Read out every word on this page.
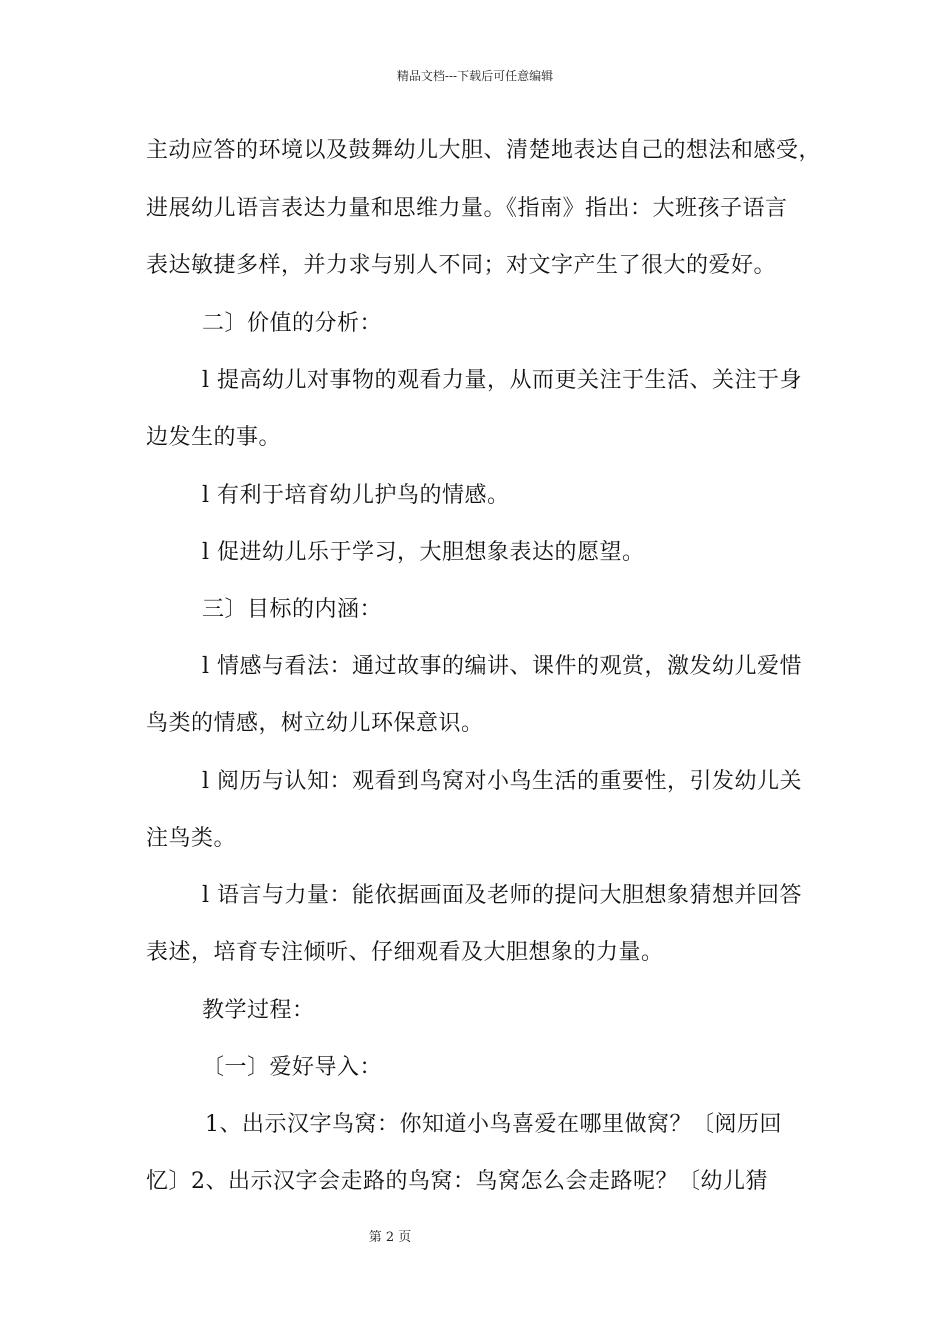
精品文档---下载后可任意编辑
主动应答的环境以及鼓舞幼儿大胆、清楚地表达自己的想法和感受，
进展幼儿语言表达力量和思维力量。《指南》指出：大班孩子语言
表达敏捷多样，并力求与别人不同；对文字产生了很大的爱好。
二〕价值的分析：
l 提高幼儿对事物的观看力量，从而更关注于生活、关注于身
边发生的事。
l 有利于培育幼儿护鸟的情感。
l 促进幼儿乐于学习，大胆想象表达的愿望。
三〕目标的内涵：
l 情感与看法：通过故事的编讲、课件的观赏，激发幼儿爱惜
鸟类的情感，树立幼儿环保意识。
l 阅历与认知：观看到鸟窝对小鸟生活的重要性，引发幼儿关
注鸟类。
l 语言与力量：能依据画面及老师的提问大胆想象猜想并回答
表述，培育专注倾听、仔细观看及大胆想象的力量。
教学过程：
〔一〕爱好导入：
1、出示汉字鸟窝：你知道小鸟喜爱在哪里做窝？〔阅历回
忆〕2、出示汉字会走路的鸟窝：鸟窝怎么会走路呢？〔幼儿猜
第 2 页
